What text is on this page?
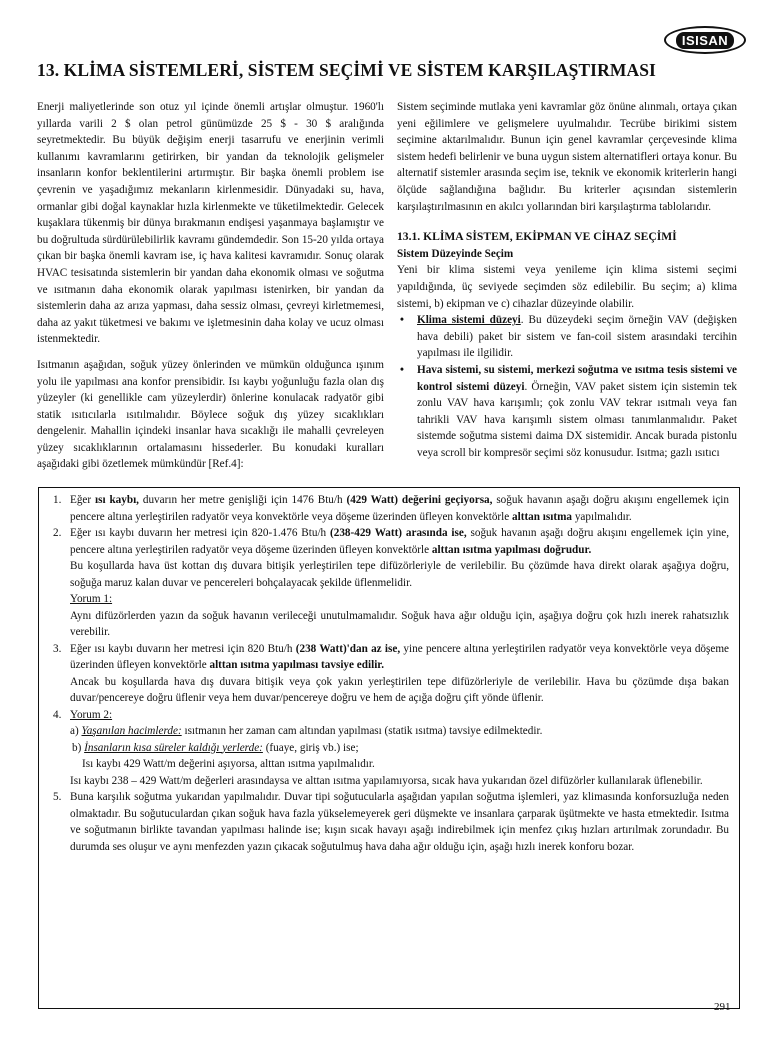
ISISAN
13. KLİMA SİSTEMLERİ, SİSTEM SEÇİMİ VE SİSTEM KARŞILAŞTIRMASI

Enerji maliyetlerinde son otuz yıl içinde önemli artışlar olmuştur. 1960'lı yıllarda varili 2 $ olan petrol günümüzde 25 $ - 30 $ aralığında seyretmektedir. Bu büyük değişim enerji tasarrufu ve enerjinin verimli kullanımı kavramlarını getirirken, bir yandan da teknolojik gelişmeler insanların konfor beklentilerini artırmıştır. Bir başka önemli problem ise çevrenin ve yaşadığımız mekanların kirlenmesidir. Dünyadaki su, hava, ormanlar gibi doğal kaynaklar hızla kirlenmekte ve tüketilmektedir. Gelecek kuşaklara tükenmiş bir dünya bırakmanın endişesi yaşanmaya başlamıştır ve bu doğrultuda sürdürülebilirlik kavramı gündemdedir. Son 15-20 yılda ortaya çıkan bir başka önemli kavram ise, iç hava kalitesi kavramıdır. Sonuç olarak HVAC tesisatında sistemlerin bir yandan daha ekonomik olması ve soğutma ve ısıtmanın daha ekonomik olarak yapılması istenirken, bir yandan da sistemlerin daha az arıza yapması, daha sessiz olması, çevreyi kirletmemesi, daha az yakıt tüketmesi ve bakımı ve işletmesinin daha kolay ve ucuz olması istenmektedir.

Isıtmanın aşağıdan, soğuk yüzey önlerinden ve mümkün olduğunca ışınım yolu ile yapılması ana konfor prensibidir. Isı kaybı yoğunluğu fazla olan dış yüzeyler (ki genellikle cam yüzeylerdir) önlerine konulacak radyatör gibi statik ısıtıcılarla ısıtılmalıdır. Böylece soğuk dış yüzey sıcaklıkları dengelenir. Mahallin içindeki insanlar hava sıcaklığı ile mahalli çevreleyen yüzey sıcaklıklarının ortalamasını hissederler. Bu konudaki kuralları aşağıdaki gibi özetlemek mümkündür [Ref.4]:

Sistem seçiminde mutlaka yeni kavramlar göz önüne alınmalı, ortaya çıkan yeni eğilimlere ve gelişmelere uyulmalıdır. Tecrübe birikimi sistem seçimine aktarılmalıdır. Bunun için genel kavramlar çerçevesinde klima sistem hedefi belirlenir ve buna uygun sistem alternatifleri ortaya konur. Bu alternatif sistemler arasında seçim ise, teknik ve ekonomik kriterlerin hangi ölçüde sağlandığına bağlıdır. Bu kriterler açısından sistemlerin karşılaştırılmasının en akılcı yollarından biri karşılaştırma tablolarıdır.

13.1. KLİMA SİSTEM, EKİPMAN VE CİHAZ SEÇİMİ

Sistem Düzeyinde Seçim

Yeni bir klima sistemi veya yenileme için klima sistemi seçimi yapıldığında, üç seviyede seçimden söz edilebilir. Bu seçim; a) klima sistemi, b) ekipman ve c) cihazlar düzeyinde olabilir.

• Klima sistemi düzeyi. Bu düzeydeki seçim örneğin VAV (değişken hava debili) paket bir sistem ve fan-coil sistem arasındaki tercihin yapılması ile ilgilidir.

• Hava sistemi, su sistemi, merkezi soğutma ve ısıtma tesis sistemi ve kontrol sistemi düzeyi. Örneğin, VAV paket sistem için sistemin tek zonlu VAV hava karışımlı; çok zonlu VAV tekrar ısıtmalı veya fan tahrikli VAV hava karışımlı sistem olması tanımlanmalıdır. Paket sistemde soğutma sistemi daima DX sistemidir. Ancak burada pistonlu veya scroll bir kompresör seçimi söz konusudur. Isıtma; gazlı ısıtıcı

1. Eğer ısı kaybı, duvarın her metre genişliği için 1476 Btu/h (429 Watt) değerini geçiyorsa, soğuk havanın aşağı doğru akışını engellemek için pencere altına yerleştirilen radyatör veya konvektörle veya döşeme üzerinden üfleyen konvektörle alttan ısıtma yapılmalıdır.

2. Eğer ısı kaybı duvarın her metresi için 820-1.476 Btu/h (238-429 Watt) arasında ise, soğuk havanın aşağı doğru akışını engellemek için yine, pencere altına yerleştirilen radyatör veya döşeme üzerinden üfleyen konvektörle alttan ısıtma yapılması doğrudur.

Bu koşullarda hava üst kottan dış duvara bitişik yerleştirilen tepe difüzörleriyle de verilebilir. Bu çözümde hava direkt olarak aşağıya doğru, soğuğa maruz kalan duvar ve pencereleri bohçalayacak şekilde üflenmelidir.

Yorum 1:

Aynı difüzörlerden yazın da soğuk havanın verileceği unutulmamalıdır. Soğuk hava ağır olduğu için, aşağıya doğru çok hızlı inerek rahatsızlık verebilir.

3. Eğer ısı kaybı duvarın her metresi için 820 Btu/h (238 Watt)'dan az ise, yine pencere altına yerleştirilen radyatör veya konvektörle veya döşeme üzerinden üfleyen konvektörle alttan ısıtma yapılması tavsiye edilir.

Ancak bu koşullarda hava dış duvara bitişik veya çok yakın yerleştirilen tepe difüzörleriyle de verilebilir. Hava bu çözümde dışa bakan duvar/pencereye doğru üflenir veya hem duvar/pencereye doğru ve hem de açığa doğru çift yönde üflenir.

4. Yorum 2:

a) Yaşanılan hacimlerde: ısıtmanın her zaman cam altından yapılması (statik ısıtma) tavsiye edilmektedir.

b) İnsanların kısa süreler kaldığı yerlerde: (fuaye, giriş vb.) ise;

Isı kaybı 429 Watt/m değerini aşıyorsa, alttan ısıtma yapılmalıdır.

Isı kaybı 238 – 429 Watt/m değerleri arasındaysa ve alttan ısıtma yapılamıyorsa, sıcak hava yukarıdan özel difüzörler kullanılarak üflenebilir.

5. Buna karşılık soğutma yukarıdan yapılmalıdır. Duvar tipi soğutucularla aşağıdan yapılan soğutma işlemleri, yaz klimasında konforsuzluğa neden olmaktadır. Bu soğutuculardan çıkan soğuk hava fazla yükselemeyerek geri düşmekte ve insanlara çarparak üşütmekte ve hasta etmektedir. Isıtma ve soğutmanın birlikte tavandan yapılması halinde ise; kışın sıcak havayı aşağı indirebilmek için menfez çıkış hızları artırılmak zorundadır. Bu durumda ses oluşur ve aynı menfezden yazın çıkacak soğutulmuş hava daha ağır olduğu için, aşağı hızlı inerek konforu bozar.

291
